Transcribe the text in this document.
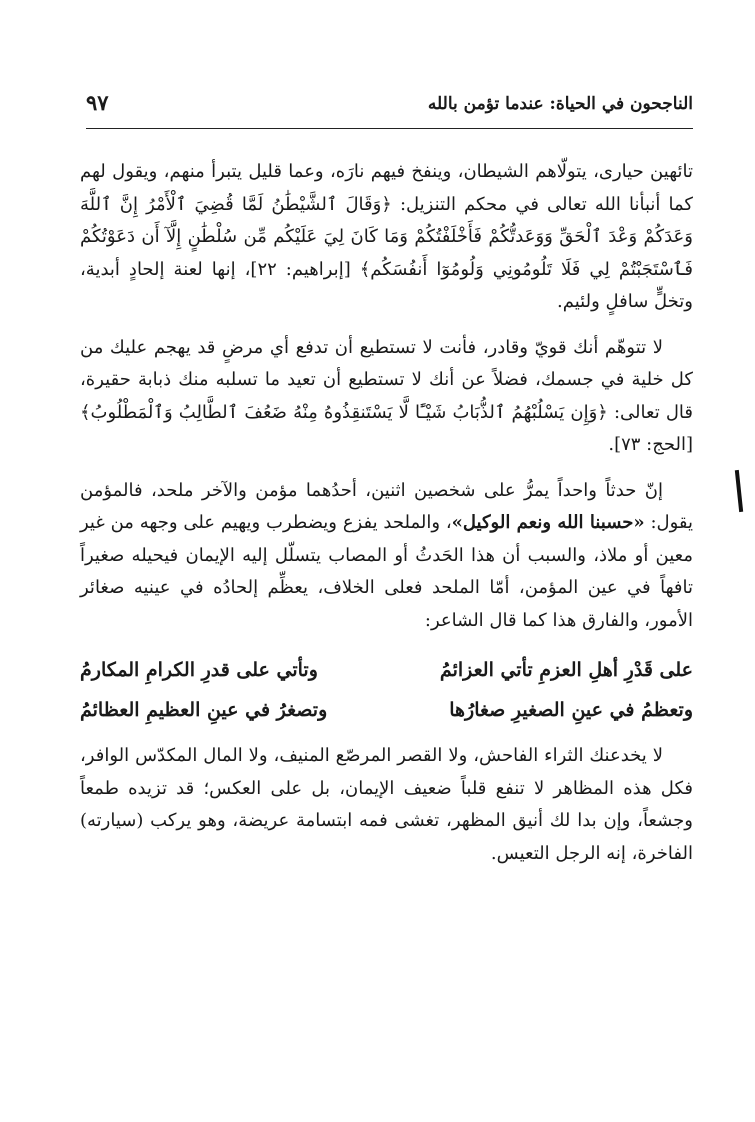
الناجحون في الحياة: عندما تؤمن بالله
٩٧

تائهين حيارى، يتولّاهم الشيطان، وينفخ فيهم نارَه، وعما قليل يتبرأ منهم، ويقول لهم كما أنبأنا الله تعالى في محكم التنزيل: ﴿وَقَالَ ٱلشَّيْطَٰنُ لَمَّا قُضِيَ ٱلْأَمْرُ إِنَّ ٱللَّهَ وَعَدَكُمْ وَعْدَ ٱلْحَقِّ وَوَعَدتُّكُمْ فَأَخْلَفْتُكُمْ وَمَا كَانَ لِيَ عَلَيْكُم مِّن سُلْطَٰنٍ إِلَّآ أَن دَعَوْتُكُمْ فَٱسْتَجَبْتُمْ لِي فَلَا تَلُومُونِي وَلُومُوٓا أَنفُسَكُم﴾ [إبراهيم: ٢٢]، إنها لعنة إلحادٍ أبدية، وتخلٍّ سافلٍ ولئيم.

لا تتوهّم أنك قويّ وقادر، فأنت لا تستطيع أن تدفع أي مرضٍ قد يهجم عليك من كل خلية في جسمك، فضلاً عن أنك لا تستطيع أن تعيد ما تسلبه منك ذبابة حقيرة، قال تعالى: ﴿وَإِن يَسْلُبْهُمُ ٱلذُّبَابُ شَيْـًٔا لَّا يَسْتَنقِذُوهُ مِنْهُ ضَعُفَ ٱلطَّالِبُ وَٱلْمَطْلُوبُ﴾ [الحج: ٧٣].

إنّ حدثاً واحداً يمرُّ على شخصين اثنين، أحدُهما مؤمن والآخر ملحد، فالمؤمن يقول: «حسبنا الله ونعم الوكيل»، والملحد يفزع ويضطرب ويهيم على وجهه من غير معين أو ملاذ، والسبب أن هذا الحَدثُ أو المصاب يتسلّل إليه الإيمان فيحيله صغيراً تافهاً في عين المؤمن، أمّا الملحد فعلى الخلاف، يعظِّم إلحادُه في عينيه صغائر الأمور، والفارق هذا كما قال الشاعر:

على قَدْرِ أهلِ العزمِ تأتي العزائمُ
وتأتي على قدرِ الكرامِ المكارمُ
وتعظمُ في عينِ الصغيرِ صغارُها
وتصغرُ في عينِ العظيمِ العظائمُ

لا يخدعنك الثراء الفاحش، ولا القصر المرصّع المنيف، ولا المال المكدّس الوافر، فكل هذه المظاهر لا تنفع قلباً ضعيف الإيمان، بل على العكس؛ قد تزيده طمعاً وجشعاً، وإن بدا لك أنيق المظهر، تغشى فمه ابتسامة عريضة، وهو يركب (سيارته) الفاخرة، إنه الرجل التعيس.
